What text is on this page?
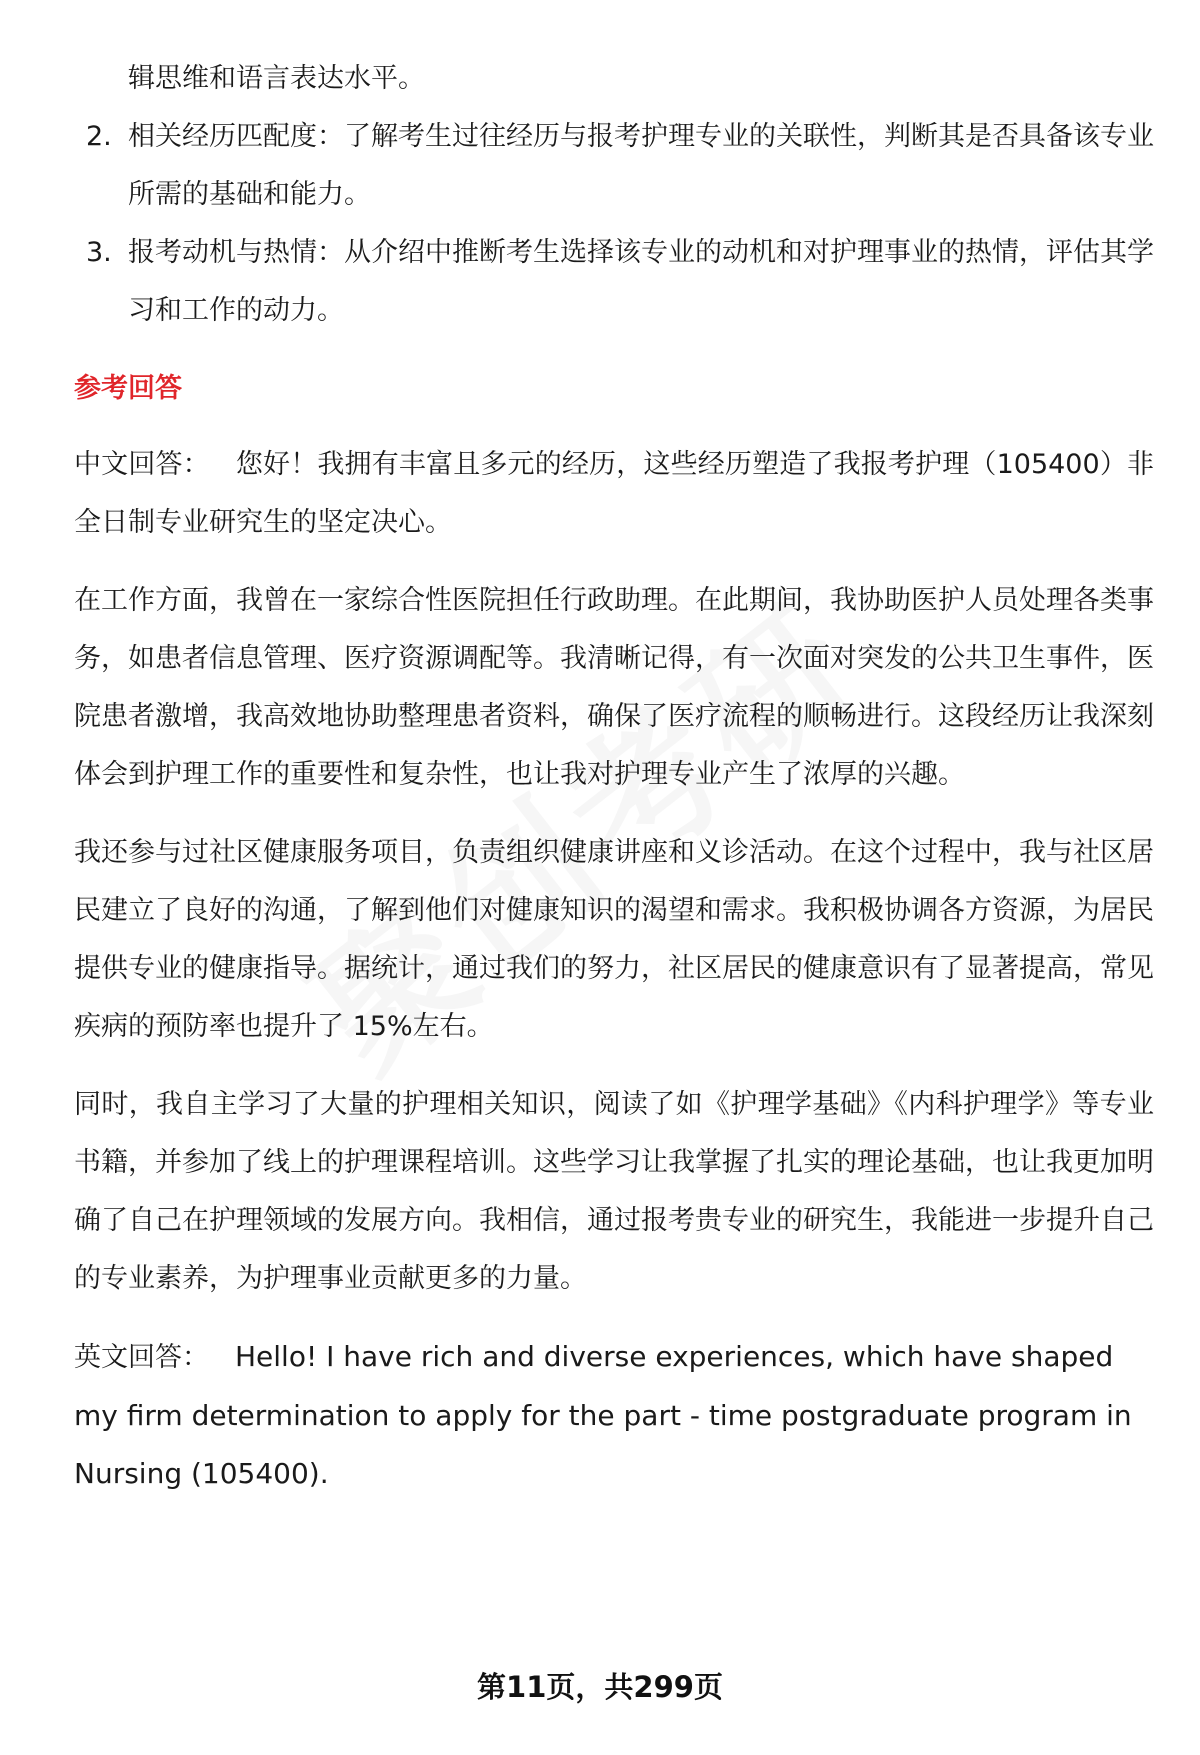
辑思维和语言表达水平。
2. 相关经历匹配度：了解考生过往经历与报考护理专业的关联性，判断其是否具备该专业所需的基础和能力。
3. 报考动机与热情：从介绍中推断考生选择该专业的动机和对护理事业的热情，评估其学习和工作的动力。
参考回答

中文回答： 您好！我拥有丰富且多元的经历，这些经历塑造了我报考护理（105400）非全日制专业研究生的坚定决心。

在工作方面，我曾在一家综合性医院担任行政助理。在此期间，我协助医护人员处理各类事务，如患者信息管理、医疗资源调配等。我清晰记得，有一次面对突发的公共卫生事件，医院患者激增，我高效地协助整理患者资料，确保了医疗流程的顺畅进行。这段经历让我深刻体会到护理工作的重要性和复杂性，也让我对护理专业产生了浓厚的兴趣。

我还参与过社区健康服务项目，负责组织健康讲座和义诊活动。在这个过程中，我与社区居民建立了良好的沟通，了解到他们对健康知识的渴望和需求。我积极协调各方资源，为居民提供专业的健康指导。据统计，通过我们的努力，社区居民的健康意识有了显著提高，常见疾病的预防率也提升了 15%左右。

同时，我自主学习了大量的护理相关知识，阅读了如《护理学基础》《内科护理学》等专业书籍，并参加了线上的护理课程培训。这些学习让我掌握了扎实的理论基础，也让我更加明确了自己在护理领域的发展方向。我相信，通过报考贵专业的研究生，我能进一步提升自己的专业素养，为护理事业贡献更多的力量。

英文回答： Hello! I have rich and diverse experiences, which have shaped my firm determination to apply for the part - time postgraduate program in Nursing (105400).

第11页，共299页
